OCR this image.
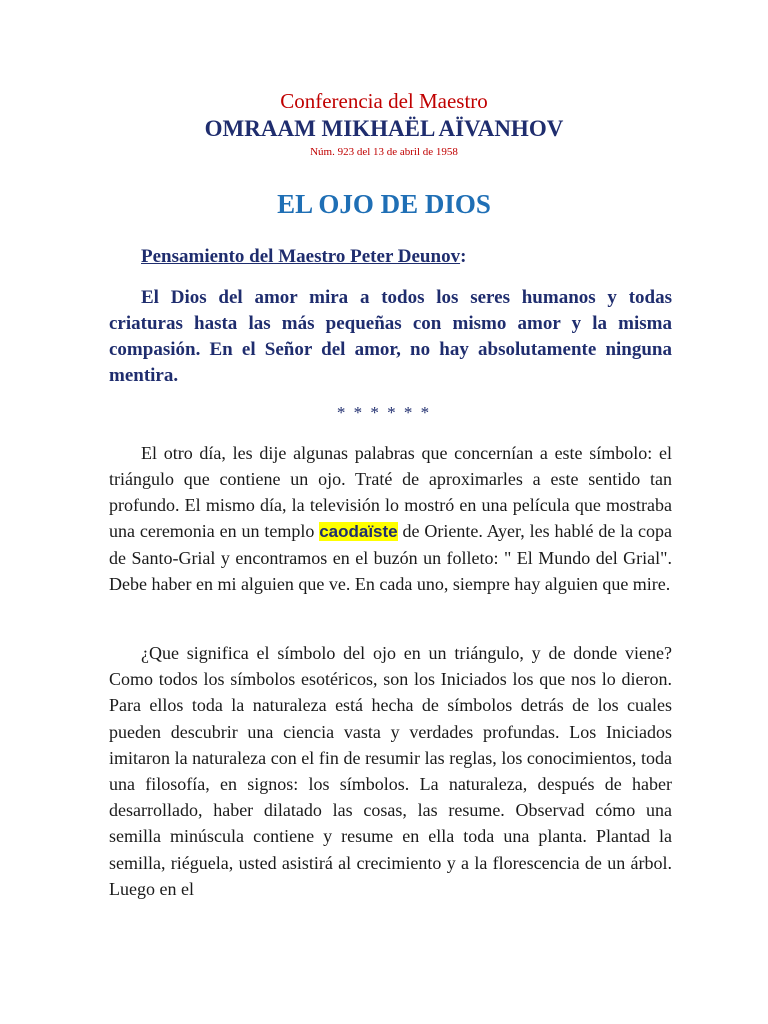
Conferencia del Maestro
OMRAAM MIKHAËL AÏVANHOV
Núm. 923 del 13 de abril de 1958
EL OJO DE DIOS
Pensamiento del Maestro Peter Deunov:
El Dios del amor mira a todos los seres humanos y todas criaturas hasta las más pequeñas con mismo amor y la misma compasión. En el Señor del amor, no hay absolutamente ninguna mentira.
* * * * * *
El otro día, les dije algunas palabras que concernían a este símbolo: el triángulo que contiene un ojo. Traté de aproximarles a este sentido tan profundo. El mismo día, la televisión lo mostró en una película que mostraba una ceremonia en un templo caodaïste de Oriente. Ayer, les hablé de la copa de Santo-Grial y encontramos en el buzón un folleto: " El Mundo del Grial". Debe haber en mi alguien que ve. En cada uno, siempre hay alguien que mire.
¿Que significa el símbolo del ojo en un triángulo, y de donde viene? Como todos los símbolos esotéricos, son los Iniciados los que nos lo dieron. Para ellos toda la naturaleza está hecha de símbolos detrás de los cuales pueden descubrir una ciencia vasta y verdades profundas. Los Iniciados imitaron la naturaleza con el fin de resumir las reglas, los conocimientos, toda una filosofía, en signos: los símbolos. La naturaleza, después de haber desarrollado, haber dilatado las cosas, las resume. Observad cómo una semilla minúscula contiene y resume en ella toda una planta. Plantad la semilla, riéguela, usted asistirá al crecimiento y a la florescencia de un árbol. Luego en el
